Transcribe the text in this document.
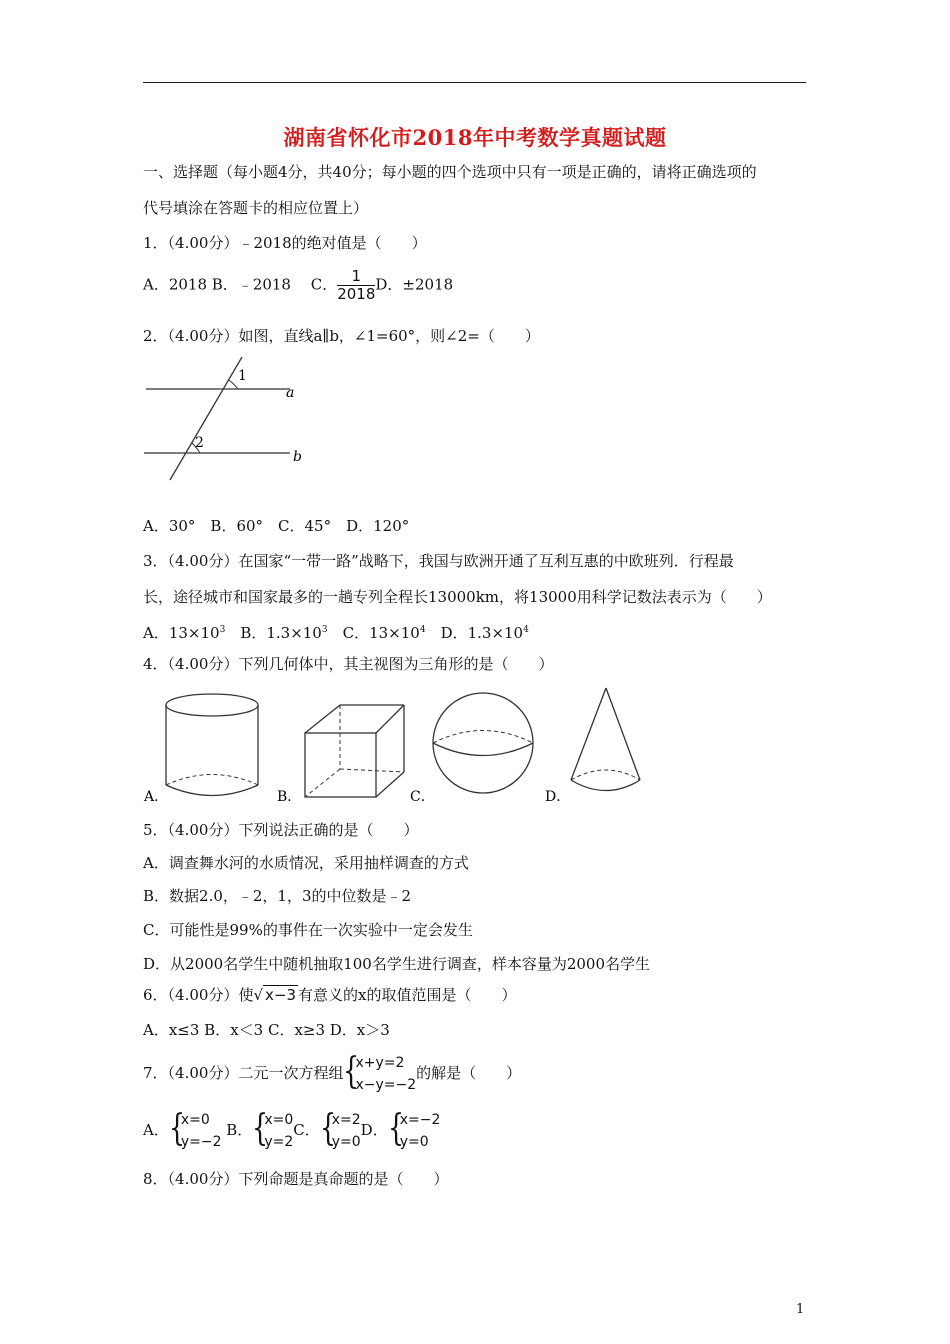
湖南省怀化市2018年中考数学真题试题
一、选择题（每小题4分，共40分；每小题的四个选项中只有一项是正确的，请将正确选项的
代号填涂在答题卡的相应位置上）
1．（4.00分）﹣2018的绝对值是（　　）
A．2018 B．﹣2018　 C． $\frac{1}{2018}$ D．±2018
2．（4.00分）如图，直线a∥b，∠1=60°，则∠2=（　　）
1
2
a
b
A．30°　B．60°　C．45°　D．120°
3．（4.00分）在国家“一带一路”战略下，我国与欧洲开通了互利互惠的中欧班列．行程最
长，途径城市和国家最多的一趟专列全程长13000km，将13000用科学记数法表示为（　　）
A．$13\times 10^3$　B．$1.3\times 10^3$　C．$13\times 10^4$　D．$1.3\times 10^4$
4．（4.00分）下列几何体中，其主视图为三角形的是（　　）
A．	B．	C．	D．
5．（4.00分）下列说法正确的是（　　）
A．调查舞水河的水质情况，采用抽样调查的方式
B．数据2.0，﹣2，1，3的中位数是﹣2
C．可能性是99%的事件在一次实验中一定会发生
D．从2000名学生中随机抽取100名学生进行调查，样本容量为2000名学生
6．（4.00分）使√ x−3 有意义的x的取值范围是（　　）
A．x≤3 B．x＜3 C．x≥3 D．x＞3
7．（4.00分）二元一次方程组 {
x+y=2
x−y=−2
的解是（　　）
A． {
x=0
y=−2
B． {
x=0
y=2
C． {
x=2
y=0
D． {
x=−2
y=0
8．（4.00分）下列命题是真命题的是（　　）
1
